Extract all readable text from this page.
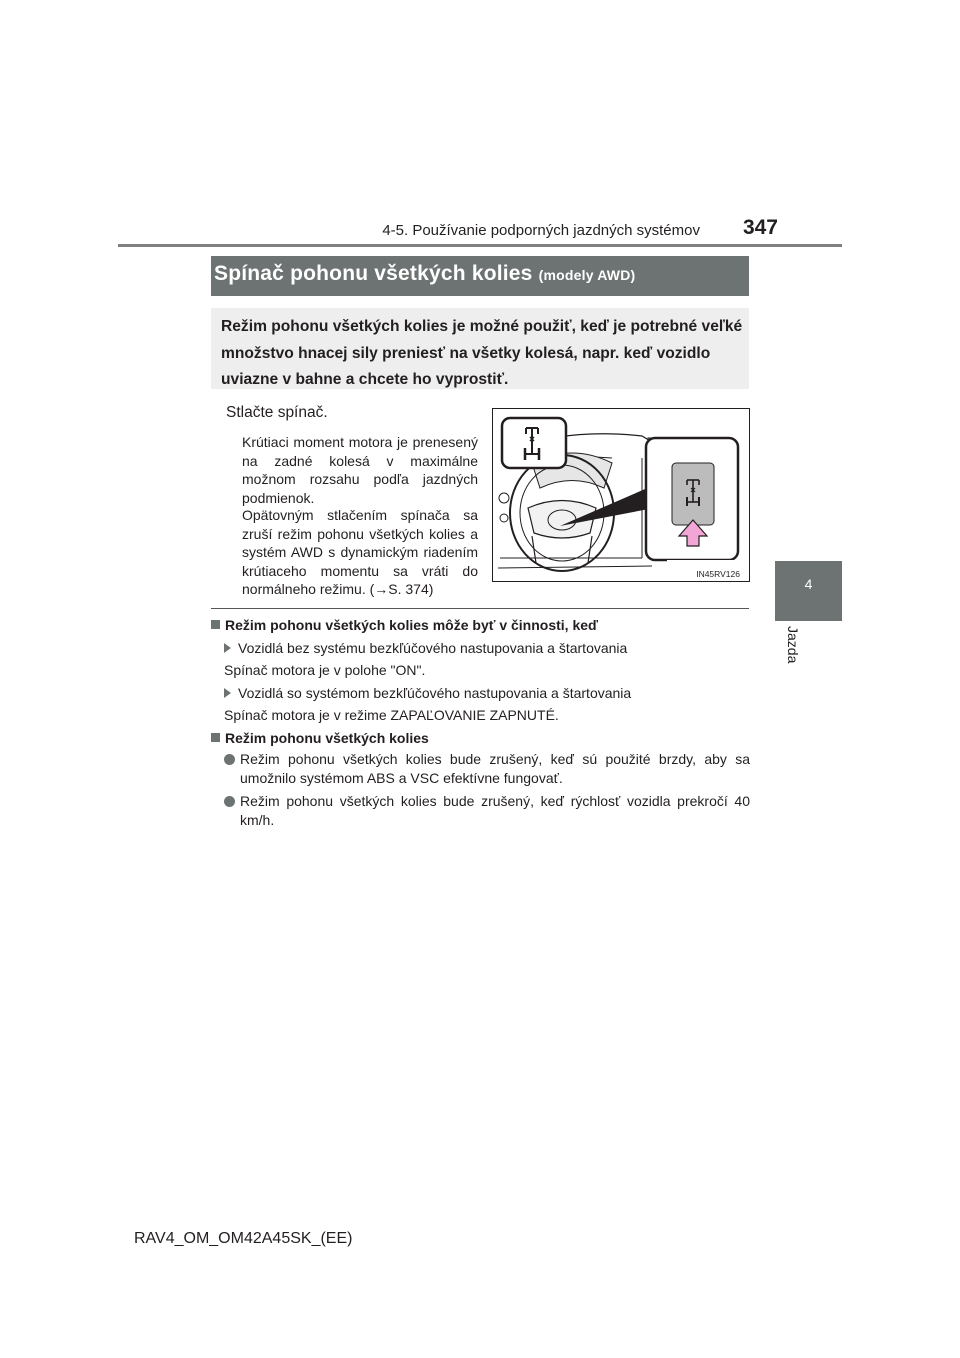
4-5. Používanie podporných jazdných systémov	347
4
Jazda
Spínač pohonu všetkých kolies (modely AWD)
Režim pohonu všetkých kolies je možné použiť, keď je potrebné veľké množstvo hnacej sily preniesť na všetky kolesá, napr. keď vozidlo uviazne v bahne a chcete ho vyprostiť.
Stlačte spínač.
Krútiaci moment motora je prenesený na zadné kolesá v maximálne možnom rozsahu podľa jazdných podmienok.
Opätovným stlačením spínača sa zruší režim pohonu všetkých kolies a systém AWD s dynamickým riadením krútiaceho momentu sa vráti do normálneho režimu. (→S. 374)
IN45RV126
Režim pohonu všetkých kolies môže byť v činnosti, keď
Vozidlá bez systému bezkľúčového nastupovania a štartovania
Spínač motora je v polohe "ON".
Vozidlá so systémom bezkľúčového nastupovania a štartovania
Spínač motora je v režime ZAPAĽOVANIE ZAPNUTÉ.
Režim pohonu všetkých kolies
Režim pohonu všetkých kolies bude zrušený, keď sú použité brzdy, aby sa umožnilo systémom ABS a VSC efektívne fungovať.
Režim pohonu všetkých kolies bude zrušený, keď rýchlosť vozidla prekročí 40 km/h.
RAV4_OM_OM42A45SK_(EE)
